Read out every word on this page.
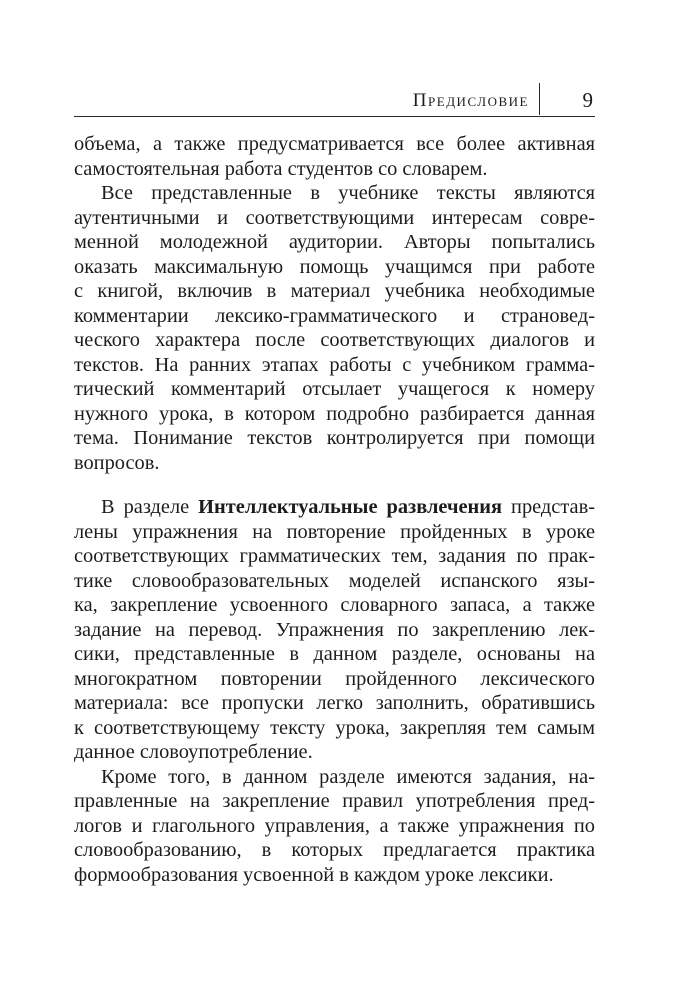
Предисловие	9

объема, а также предусматривается все более активная
самостоятельная работа студентов со словарем.

Все представленные в учебнике тексты являются
аутентичными и соответствующими интересам совре-
менной молодежной аудитории. Авторы попытались
оказать максимальную помощь учащимся при работе
с книгой, включив в материал учебника необходимые
комментарии лексико-грамматического и страновед-
ческого характера после соответствующих диалогов и
текстов. На ранних этапах работы с учебником грамма-
тический комментарий отсылает учащегося к номеру
нужного урока, в котором подробно разбирается данная
тема. Понимание текстов контролируется при помощи
вопросов.

В разделе Интеллектуальные развлечения представ-
лены упражнения на повторение пройденных в уроке
соответствующих грамматических тем, задания по прак-
тике словообразовательных моделей испанского язы-
ка, закрепление усвоенного словарного запаса, а также
задание на перевод. Упражнения по закреплению лек-
сики, представленные в данном разделе, основаны на
многократном повторении пройденного лексического
материала: все пропуски легко заполнить, обратившись
к соответствующему тексту урока, закрепляя тем самым
данное словоупотребление.

Кроме того, в данном разделе имеются задания, на-
правленные на закрепление правил употребления пред-
логов и глагольного управления, а также упражнения по
словообразованию, в которых предлагается практика
формообразования усвоенной в каждом уроке лексики.
